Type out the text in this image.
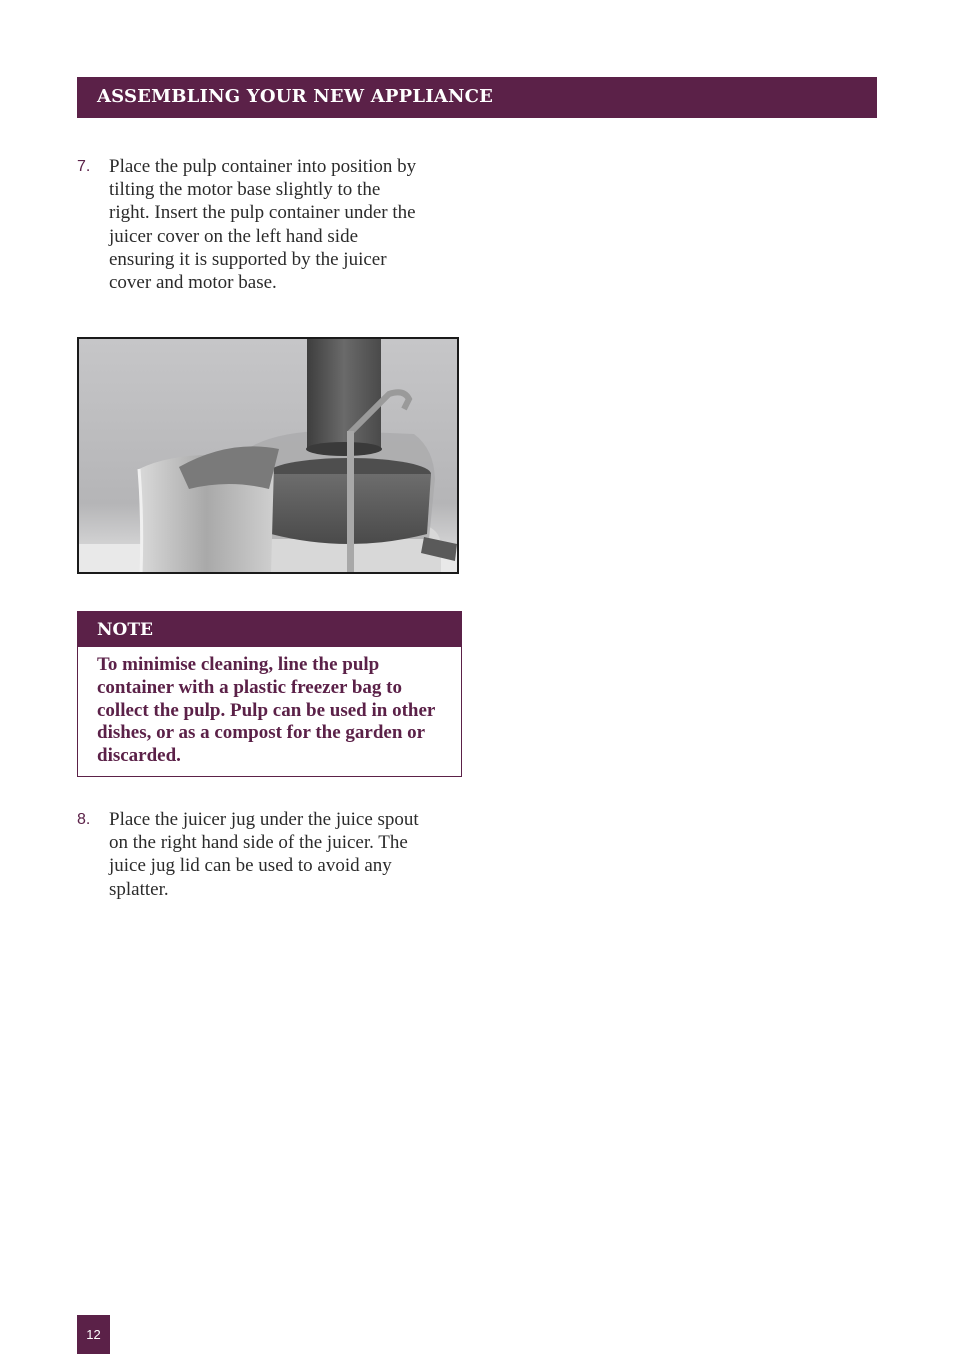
ASSEMBLING YOUR NEW APPLIANCE
7. Place the pulp container into position by tilting the motor base slightly to the right. Insert the pulp container under the juicer cover on the left hand side ensuring it is supported by the juicer cover and motor base.
NOTE
To minimise cleaning, line the pulp container with a plastic freezer bag to collect the pulp. Pulp can be used in other dishes, or as a compost for the garden or discarded.
8. Place the juicer jug under the juice spout on the right hand side of the juicer. The juice jug lid can be used to avoid any splatter.
12
